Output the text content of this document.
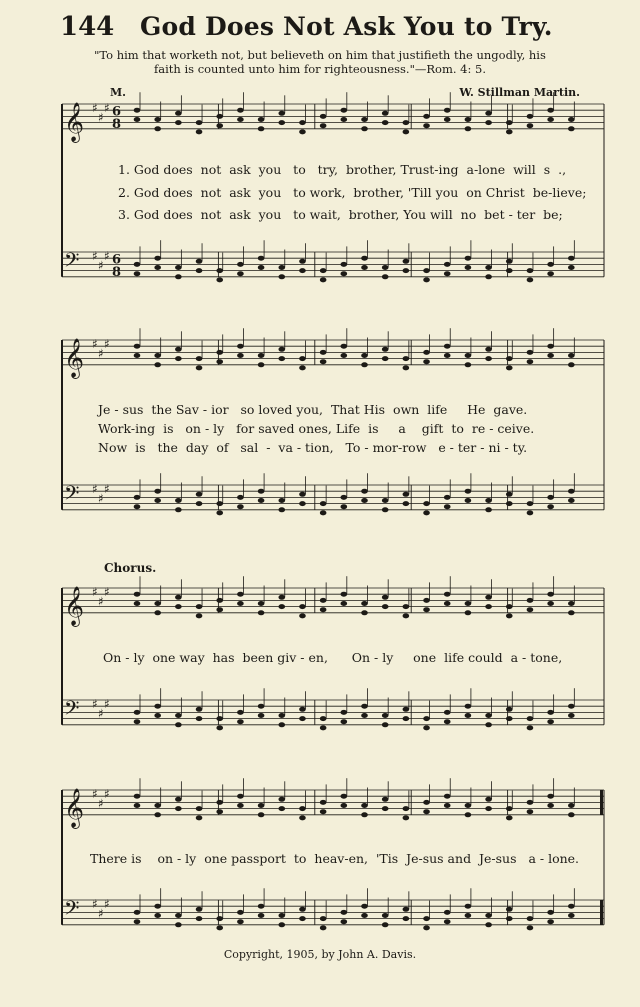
144 God Does Not Ask You to Try.
"To him that worketh not, but believeth on him that justifieth the ungodly, his
faith is counted unto him for righteousness."—Rom. 4: 5.
M.	W. Stillman Martin.
Chorus.
𝄞 ♯
♯
♯ 6
8
𝄢 ♯
♯
♯ 6
8
𝄞 ♯
♯
♯
𝄢 ♯
♯
♯
𝄞 ♯
♯
♯
𝄢 ♯
♯
♯
𝄞 ♯
♯
♯
𝄢 ♯
♯
♯
1. God does  not  ask  you   to   try,  brother, Trust-ing  a-lone  will  s  .,
2. God does  not  ask  you   to work,  brother, 'Till you  on Christ  be-lieve;
3. God does  not  ask  you   to wait,  brother, You will  no  bet - ter  be;
Je - sus  the Sav - ior   so loved you,  That His  own  life     He  gave.
Work-ing  is   on - ly   for saved ones, Life  is     a    gift  to  re - ceive.
Now  is   the  day  of   sal  -  va - tion,   To - mor-row   e - ter - ni - ty.
On - ly  one way  has  been giv - en,      On - ly     one  life could  a - tone,
There is    on - ly  one passport  to  heav-en,  'Tis  Je-sus and  Je-sus   a - lone.
Copyright, 1905, by John A. Davis.
